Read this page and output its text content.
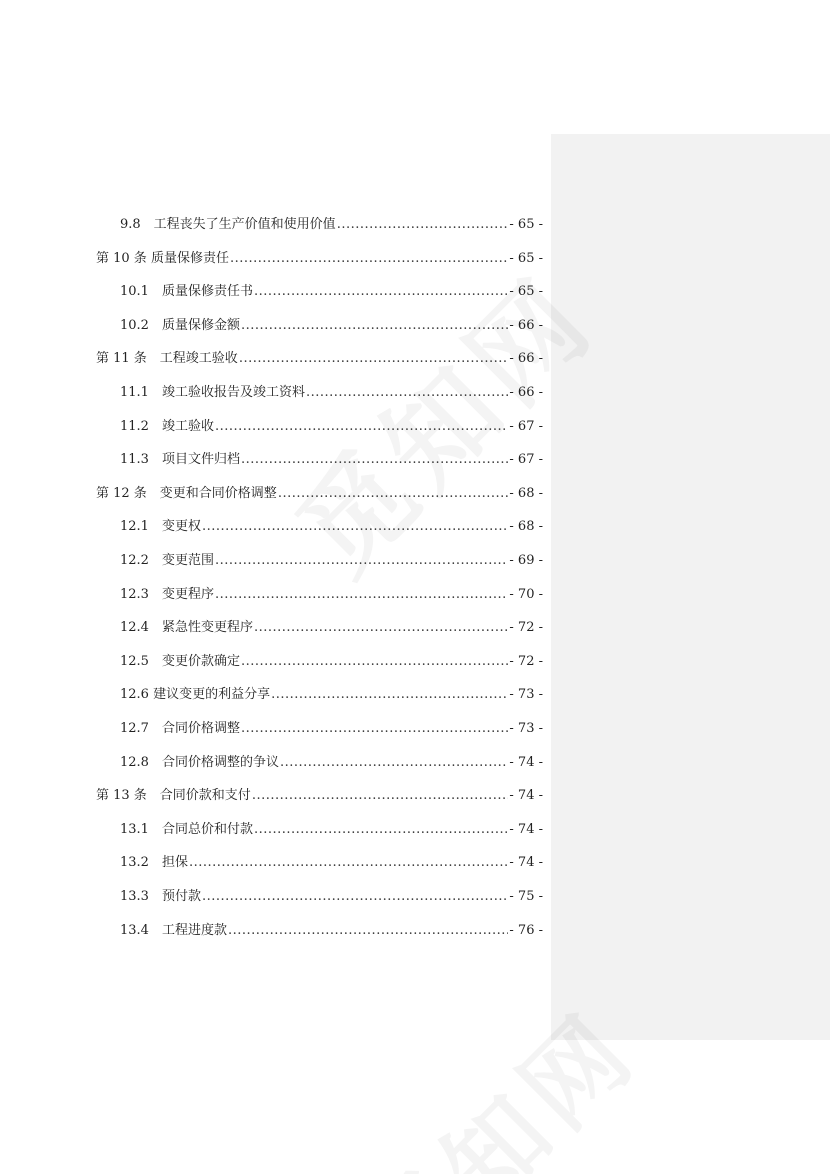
9.8　工程丧失了生产价值和使用价值 .....	- 65 -
第 10 条 质量保修责任 .....	- 65 -
10.1　质量保修责任书 .....	- 65 -
10.2　质量保修金额 .....	- 66 -
第 11 条　工程竣工验收 .....	- 66 -
11.1　竣工验收报告及竣工资料 .....	- 66 -
11.2　竣工验收 .....	- 67 -
11.3　项目文件归档 .....	- 67 -
第 12 条　变更和合同价格调整 .....	- 68 -
12.1　变更权 .....	- 68 -
12.2　变更范围 .....	- 69 -
12.3　变更程序 .....	- 70 -
12.4　紧急性变更程序 .....	- 72 -
12.5　变更价款确定 .....	- 72 -
12.6 建议变更的利益分享 .....	- 73 -
12.7　合同价格调整 .....	- 73 -
12.8　合同价格调整的争议 .....	- 74 -
第 13 条　合同价款和支付 .....	- 74 -
13.1　合同总价和付款 .....	- 74 -
13.2　担保 .....	- 74 -
13.3　预付款 .....	- 75 -
13.4　工程进度款 .....	- 76 -
